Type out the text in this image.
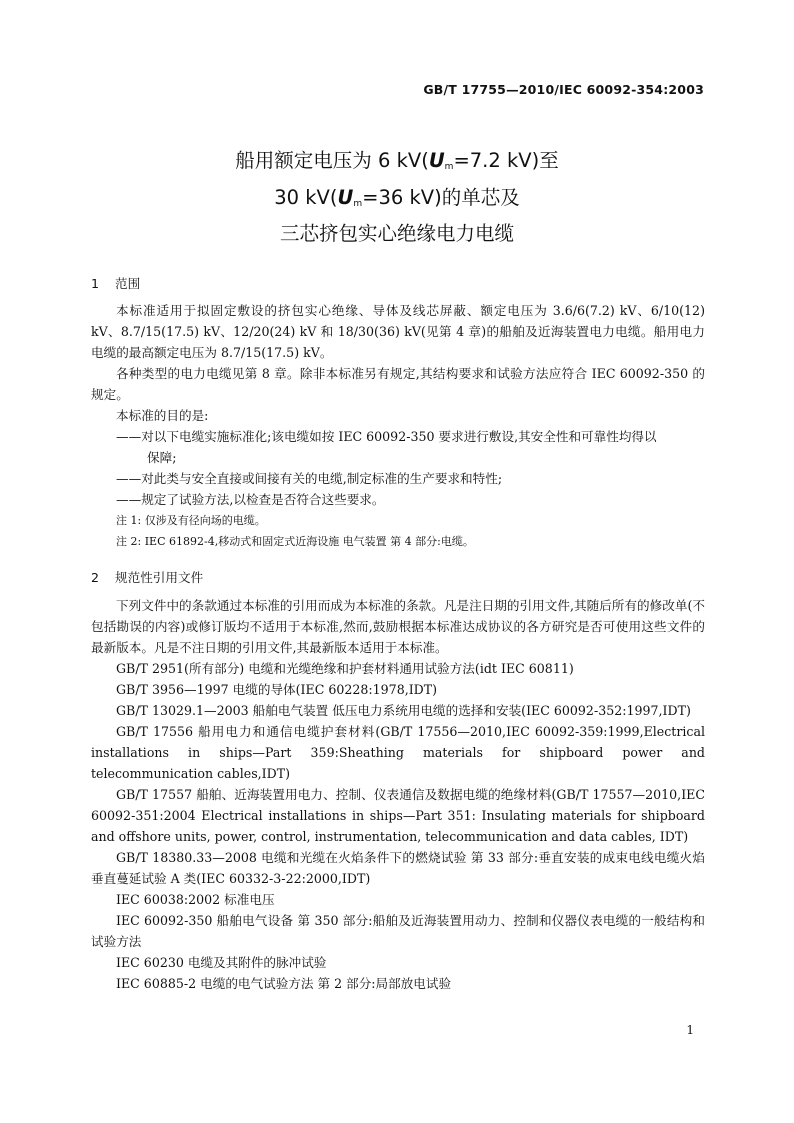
GB/T 17755—2010/IEC 60092-354:2003
船用额定电压为 6 $kV(U_m=7.2$ kV)至
30 $kV(U_m=36$ kV)的单芯及
三芯挤包实心绝缘电力电缆
1 范围

本标准适用于拟固定敷设的挤包实心绝缘、导体及线芯屏蔽、额定电压为 3.6/6(7.2) kV、6/10(12) kV、8.7/15(17.5) kV、12/20(24) kV 和 18/30(36) kV(见第 4 章)的船舶及近海装置电力电缆。船用电力电缆的最高额定电压为 8.7/15(17.5) kV。

各种类型的电力电缆见第 8 章。除非本标准另有规定,其结构要求和试验方法应符合 IEC 60092-350 的规定。

本标准的目的是:

——对以下电缆实施标准化;该电缆如按 IEC 60092-350 要求进行敷设,其安全性和可靠性均得以

保障;

——对此类与安全直接或间接有关的电缆,制定标准的生产要求和特性;

——规定了试验方法,以检查是否符合这些要求。

注 1: 仅涉及有径向场的电缆。
注 2: IEC 61892-4,移动式和固定式近海设施 电气装置 第 4 部分:电缆。
2 规范性引用文件

下列文件中的条款通过本标准的引用而成为本标准的条款。凡是注日期的引用文件,其随后所有的修改单(不包括勘误的内容)或修订版均不适用于本标准,然而,鼓励根据本标准达成协议的各方研究是否可使用这些文件的最新版本。凡是不注日期的引用文件,其最新版本适用于本标准。

GB/T 2951(所有部分) 电缆和光缆绝缘和护套材料通用试验方法(idt IEC 60811)

GB/T 3956—1997 电缆的导体(IEC 60228:1978,IDT)

GB/T 13029.1—2003 船舶电气装置 低压电力系统用电缆的选择和安装(IEC 60092-352:1997,IDT)

GB/T 17556 船用电力和通信电缆护套材料(GB/T 17556—2010,IEC 60092-359:1999,Electrical installations in ships—Part 359:Sheathing materials for shipboard power and telecommunication cables,IDT)

GB/T 17557 船舶、近海装置用电力、控制、仪表通信及数据电缆的绝缘材料(GB/T 17557—2010,IEC 60092-351:2004 Electrical installations in ships—Part 351: Insulating materials for shipboard and offshore units, power, control, instrumentation, telecommunication and data cables, IDT)

GB/T 18380.33—2008 电缆和光缆在火焰条件下的燃烧试验 第 33 部分:垂直安装的成束电线电缆火焰垂直蔓延试验 A 类(IEC 60332-3-22:2000,IDT)

IEC 60038:2002 标准电压

IEC 60092-350 船舶电气设备 第 350 部分:船舶及近海装置用动力、控制和仪器仪表电缆的一般结构和试验方法

IEC 60230 电缆及其附件的脉冲试验

IEC 60885-2 电缆的电气试验方法 第 2 部分:局部放电试验

1
